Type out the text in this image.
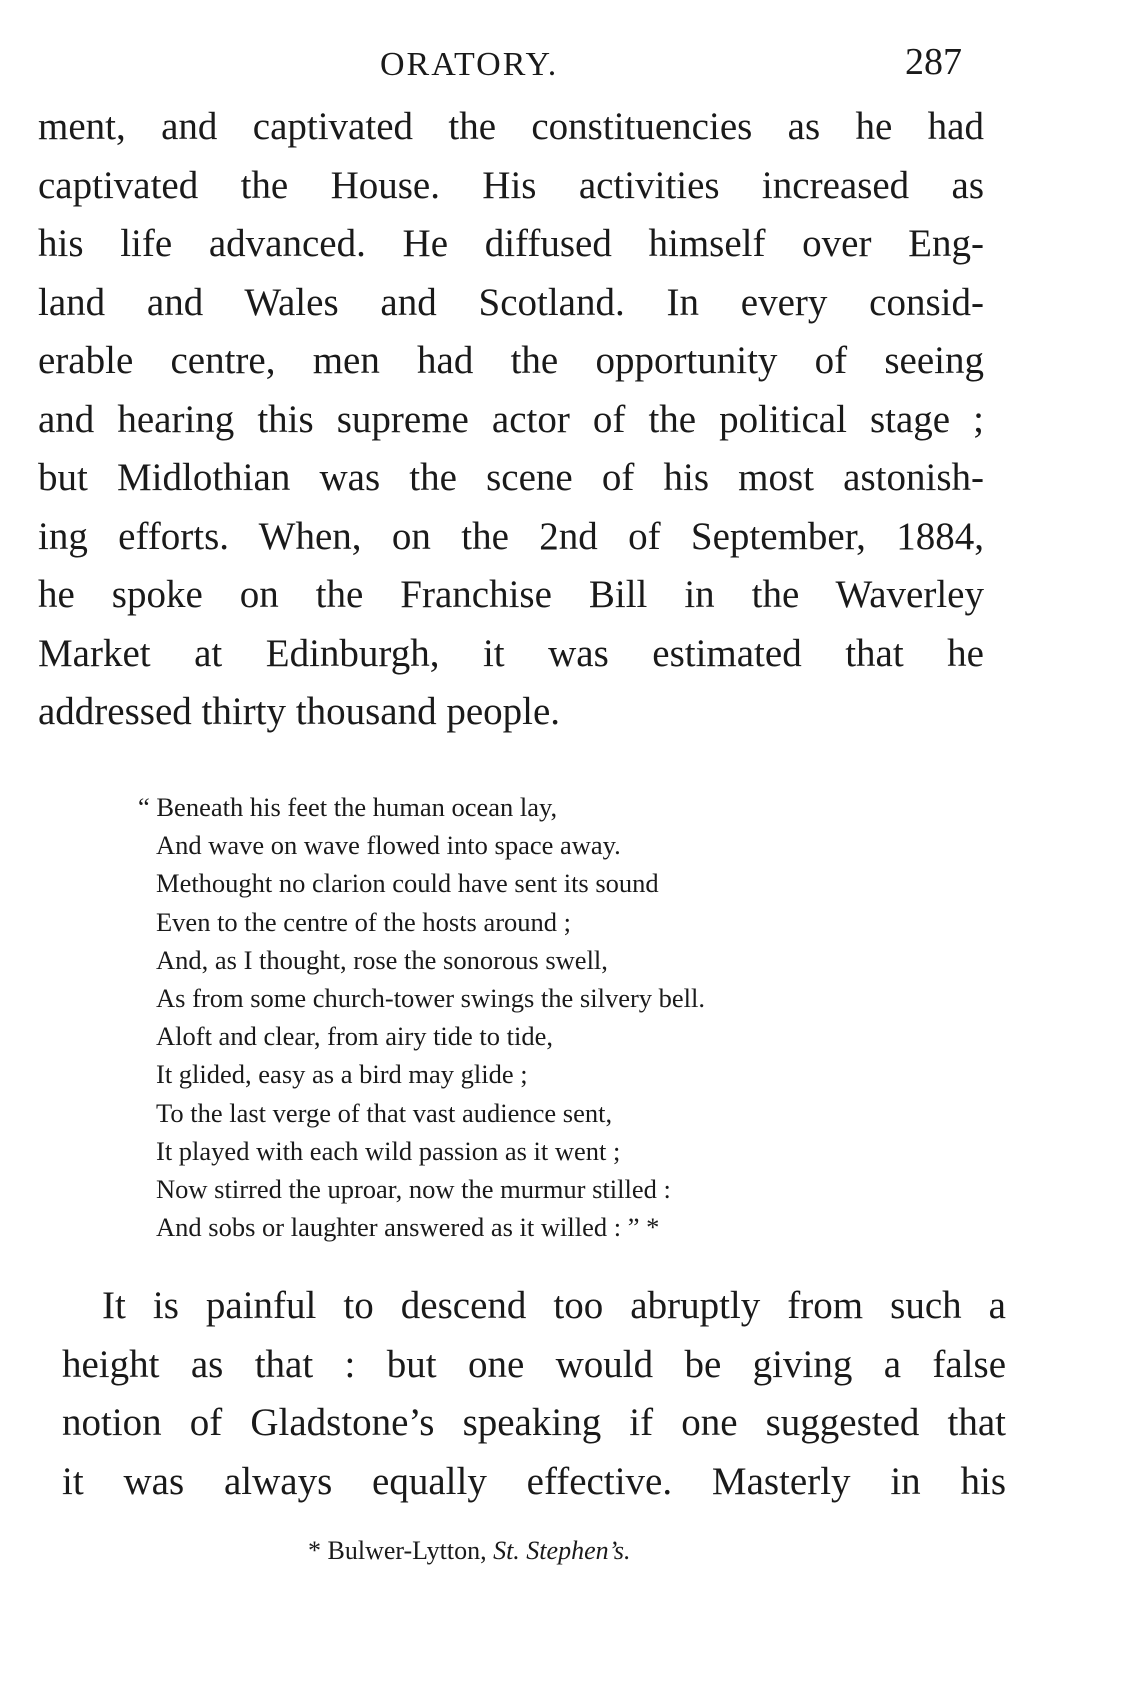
ORATORY.	287
ment, and captivated the constituencies as he had
captivated the House. His activities increased as
his life advanced. He diffused himself over Eng-
land and Wales and Scotland. In every consid-
erable centre, men had the opportunity of seeing
and hearing this supreme actor of the political stage ;
but Midlothian was the scene of his most astonish-
ing efforts. When, on the 2nd of September, 1884,
he spoke on the Franchise Bill in the Waverley
Market at Edinburgh, it was estimated that he
addressed thirty thousand people.
“ Beneath his feet the human ocean lay,
And wave on wave flowed into space away.
Methought no clarion could have sent its sound
Even to the centre of the hosts around ;
And, as I thought, rose the sonorous swell,
As from some church-tower swings the silvery bell.
Aloft and clear, from airy tide to tide,
It glided, easy as a bird may glide ;
To the last verge of that vast audience sent,
It played with each wild passion as it went ;
Now stirred the uproar, now the murmur stilled :
And sobs or laughter answered as it willed : ” *
It is painful to descend too abruptly from such a
height as that : but one would be giving a false
notion of Gladstone’s speaking if one suggested that
it was always equally effective. Masterly in his
* Bulwer-Lytton, St. Stephen’s.
